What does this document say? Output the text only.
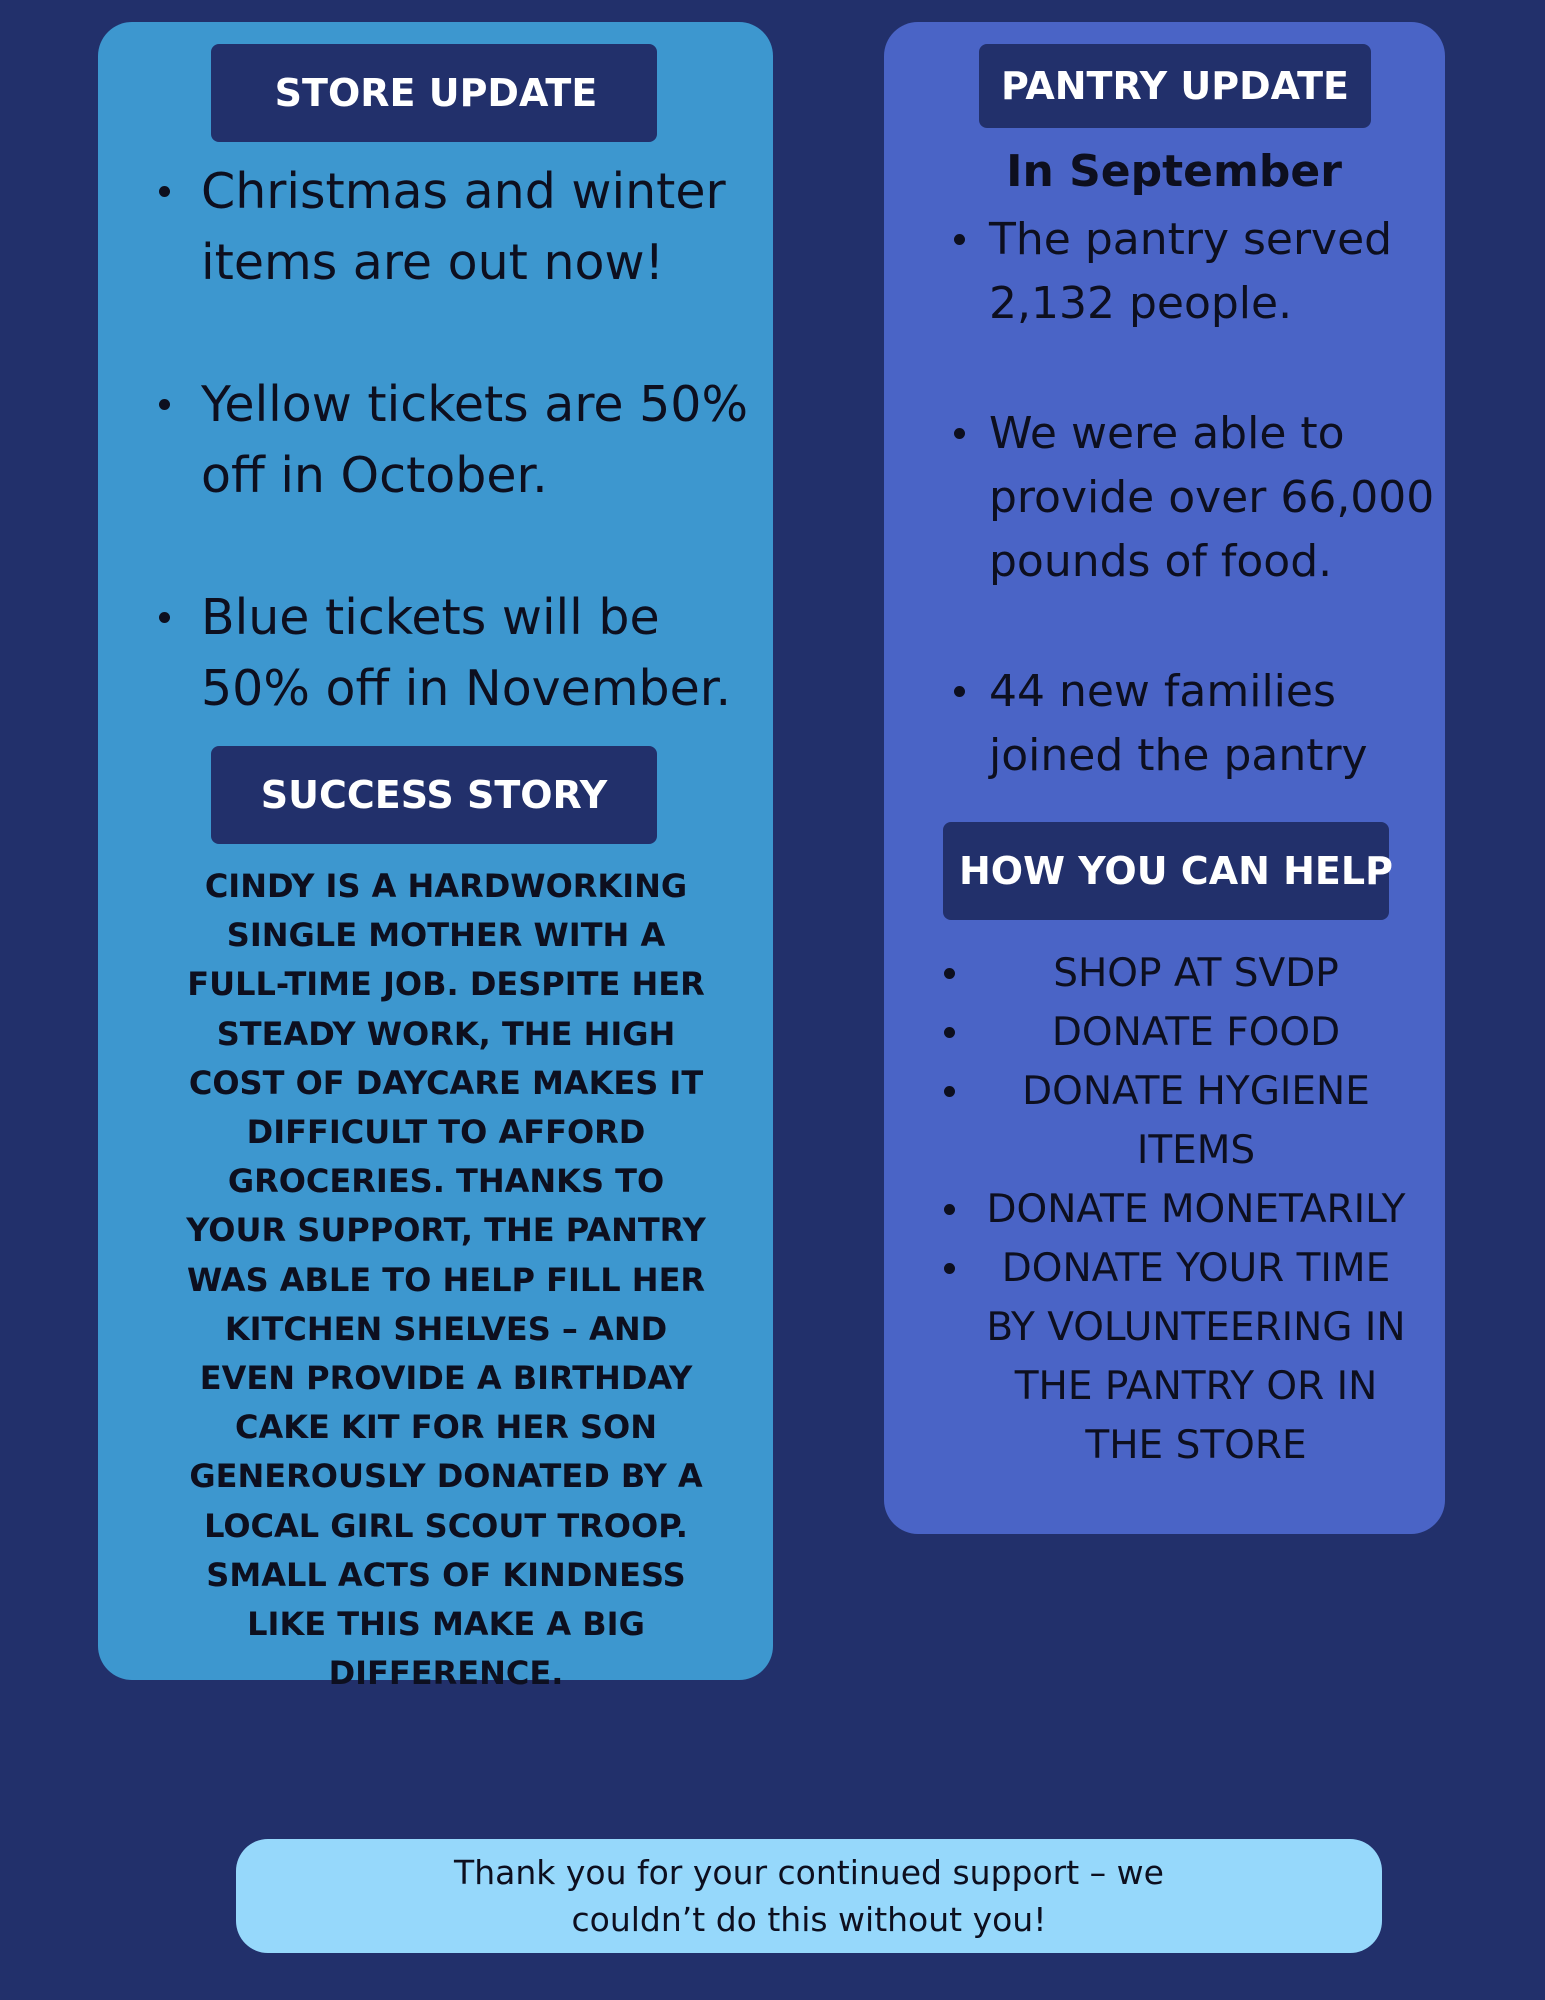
STORE UPDATE
Christmas and winter items are out now!
Yellow tickets are 50% off in October.
Blue tickets will be 50% off in November.
SUCCESS STORY
CINDY IS A HARDWORKING SINGLE MOTHER WITH A FULL-TIME JOB. DESPITE HER STEADY WORK, THE HIGH COST OF DAYCARE MAKES IT DIFFICULT TO AFFORD GROCERIES. THANKS TO YOUR SUPPORT, THE PANTRY WAS ABLE TO HELP FILL HER KITCHEN SHELVES – AND EVEN PROVIDE A BIRTHDAY CAKE KIT FOR HER SON GENEROUSLY DONATED BY A LOCAL GIRL SCOUT TROOP. SMALL ACTS OF KINDNESS LIKE THIS MAKE A BIG DIFFERENCE.
PANTRY UPDATE
In September
The pantry served 2,132 people.
We were able to provide over 66,000 pounds of food.
44 new families joined the pantry
HOW YOU CAN HELP
SHOP AT SVDP
DONATE FOOD
DONATE HYGIENE ITEMS
DONATE MONETARILY
DONATE YOUR TIME BY VOLUNTEERING IN THE PANTRY OR IN THE STORE
Thank you for your continued support – we couldn’t do this without you!
